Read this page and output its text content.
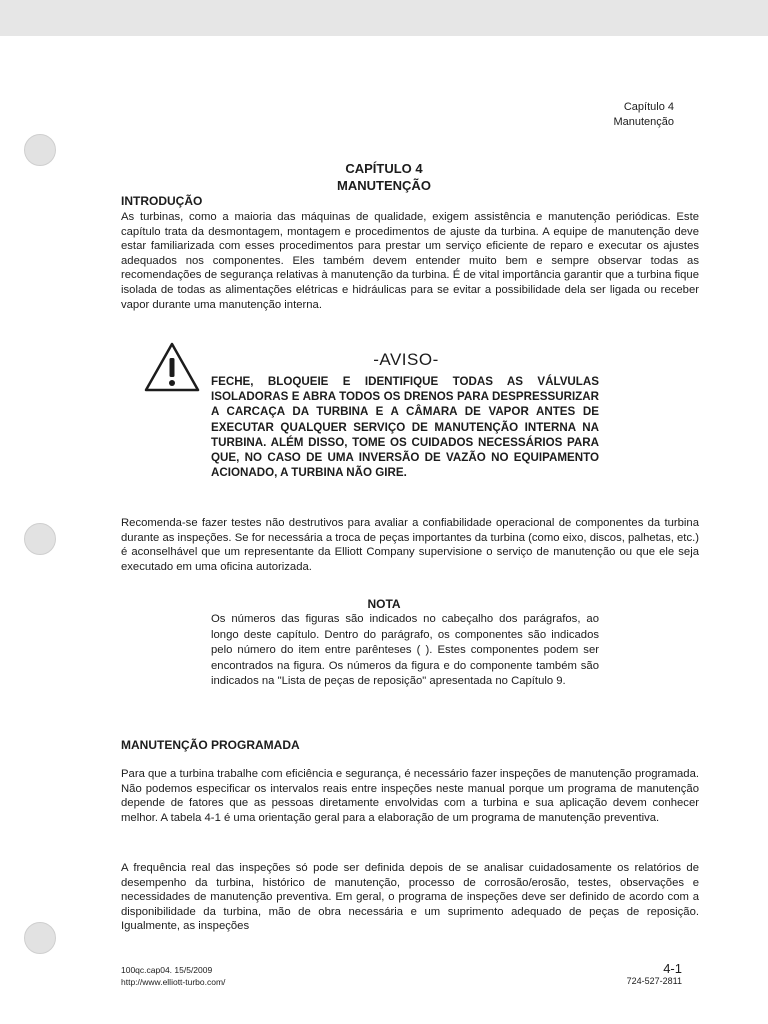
Capítulo 4
Manutenção
CAPÍTULO 4
MANUTENÇÃO
INTRODUÇÃO

As turbinas, como a maioria das máquinas de qualidade, exigem assistência e manutenção periódicas. Este capítulo trata da desmontagem, montagem e procedimentos de ajuste da turbina. A equipe de manutenção deve estar familiarizada com esses procedimentos para prestar um serviço eficiente de reparo e executar os ajustes adequados nos componentes. Eles também devem entender muito bem e sempre observar todas as recomendações de segurança relativas à manutenção da turbina. É de vital importância garantir que a turbina fique isolada de todas as alimentações elétricas e hidráulicas para se evitar a possibilidade dela ser ligada ou receber vapor durante uma manutenção interna.

-AVISO-

FECHE, BLOQUEIE E IDENTIFIQUE TODAS AS VÁLVULAS ISOLADORAS E ABRA TODOS OS DRENOS PARA DESPRESSURIZAR A CARCAÇA DA TURBINA E A CÂMARA DE VAPOR ANTES DE EXECUTAR QUALQUER SERVIÇO DE MANUTENÇÃO INTERNA NA TURBINA. ALÉM DISSO, TOME OS CUIDADOS NECESSÁRIOS PARA QUE, NO CASO DE UMA INVERSÃO DE VAZÃO NO EQUIPAMENTO ACIONADO, A TURBINA NÃO GIRE.

Recomenda-se fazer testes não destrutivos para avaliar a confiabilidade operacional de componentes da turbina durante as inspeções. Se for necessária a troca de peças importantes da turbina (como eixo, discos, palhetas, etc.) é aconselhável que um representante da Elliott Company supervisione o serviço de manutenção ou que ele seja executado em uma oficina autorizada.

NOTA

Os números das figuras são indicados no cabeçalho dos parágrafos, ao longo deste capítulo. Dentro do parágrafo, os componentes são indicados pelo número do item entre parênteses ( ). Estes componentes podem ser encontrados na figura. Os números da figura e do componente também são indicados na "Lista de peças de reposição" apresentada no Capítulo 9.

MANUTENÇÃO PROGRAMADA

Para que a turbina trabalhe com eficiência e segurança, é necessário fazer inspeções de manutenção programada. Não podemos especificar os intervalos reais entre inspeções neste manual porque um programa de manutenção depende de fatores que as pessoas diretamente envolvidas com a turbina e sua aplicação devem conhecer melhor. A tabela 4-1 é uma orientação geral para a elaboração de um programa de manutenção preventiva.

A frequência real das inspeções só pode ser definida depois de se analisar cuidadosamente os relatórios de desempenho da turbina, histórico de manutenção, processo de corrosão/erosão, testes, observações e necessidades de manutenção preventiva. Em geral, o programa de inspeções deve ser definido de acordo com a disponibilidade da turbina, mão de obra necessária e um suprimento adequado de peças de reposição. Igualmente, as inspeções

100qc.cap04. 15/5/2009
http://www.elliott-turbo.com/
4-1
724-527-2811
